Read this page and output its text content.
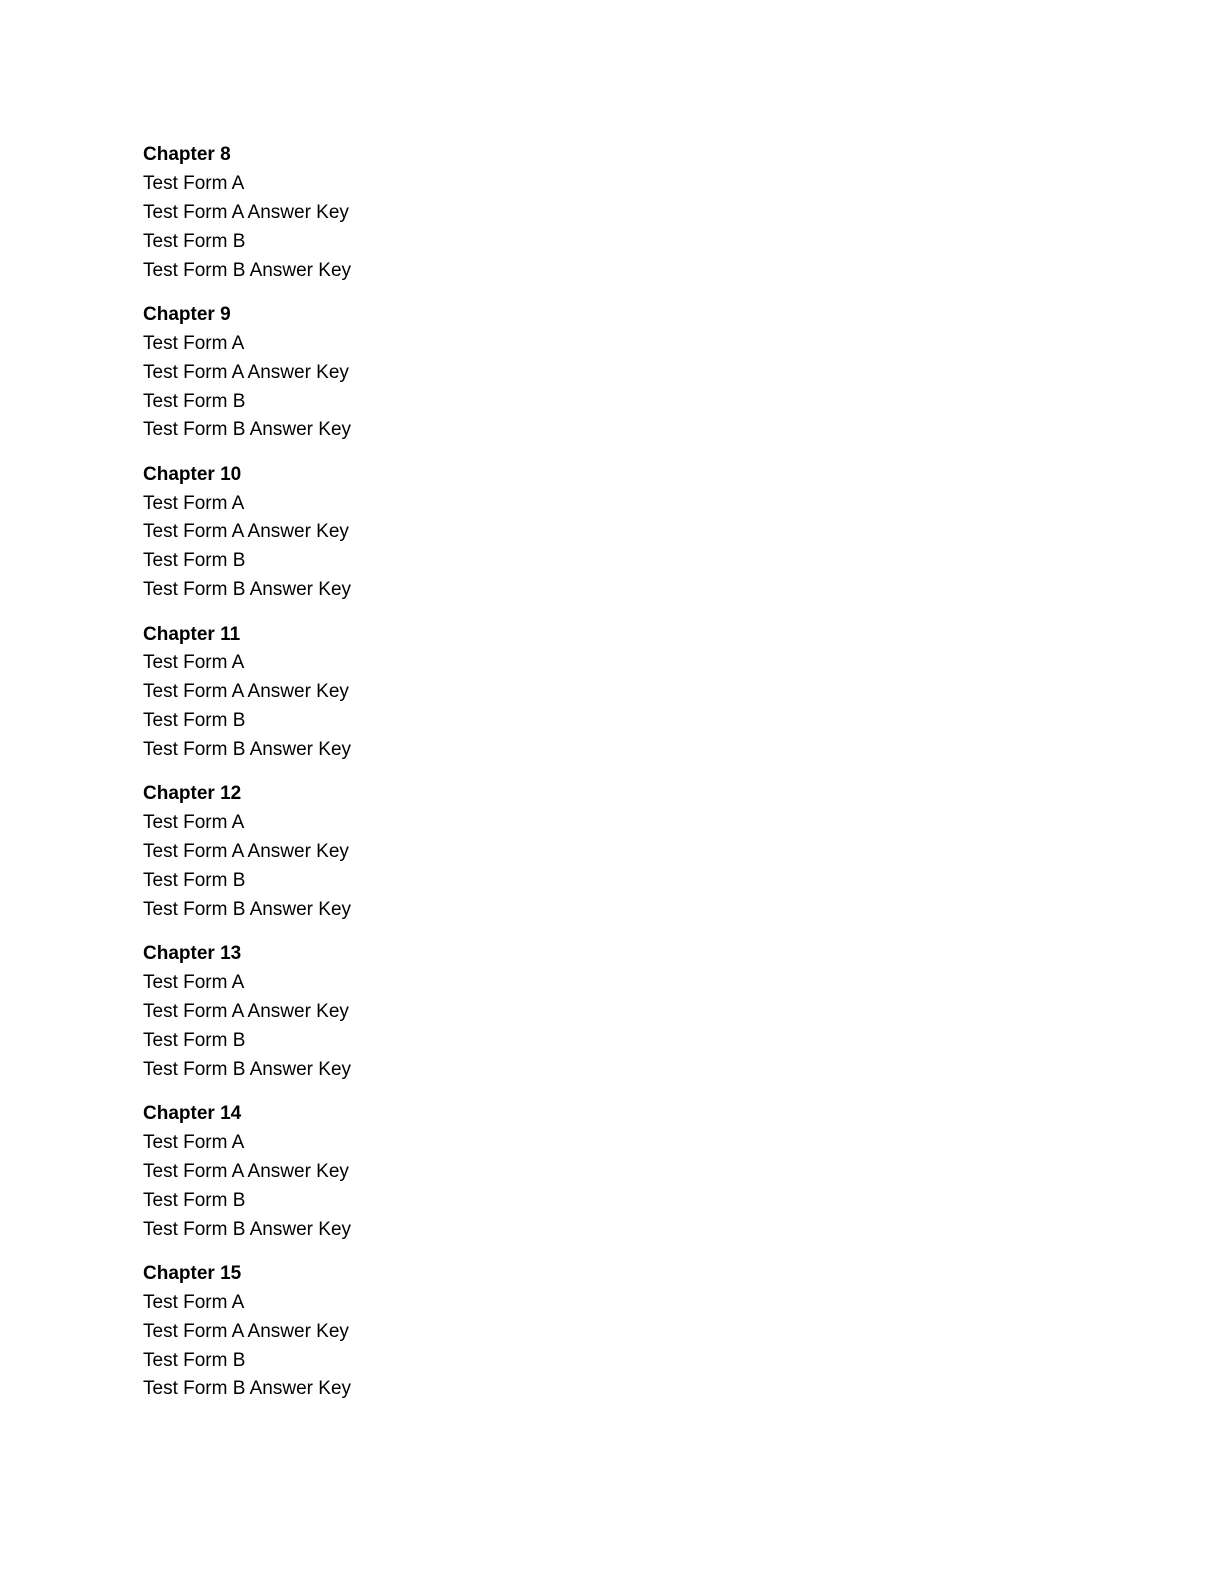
Chapter 8
Test Form A
Test Form A Answer Key
Test Form B
Test Form B Answer Key
Chapter 9
Test Form A
Test Form A Answer Key
Test Form B
Test Form B Answer Key
Chapter 10
Test Form A
Test Form A Answer Key
Test Form B
Test Form B Answer Key
Chapter 11
Test Form A
Test Form A Answer Key
Test Form B
Test Form B Answer Key
Chapter 12
Test Form A
Test Form A Answer Key
Test Form B
Test Form B Answer Key
Chapter 13
Test Form A
Test Form A Answer Key
Test Form B
Test Form B Answer Key
Chapter 14
Test Form A
Test Form A Answer Key
Test Form B
Test Form B Answer Key
Chapter 15
Test Form A
Test Form A Answer Key
Test Form B
Test Form B Answer Key
